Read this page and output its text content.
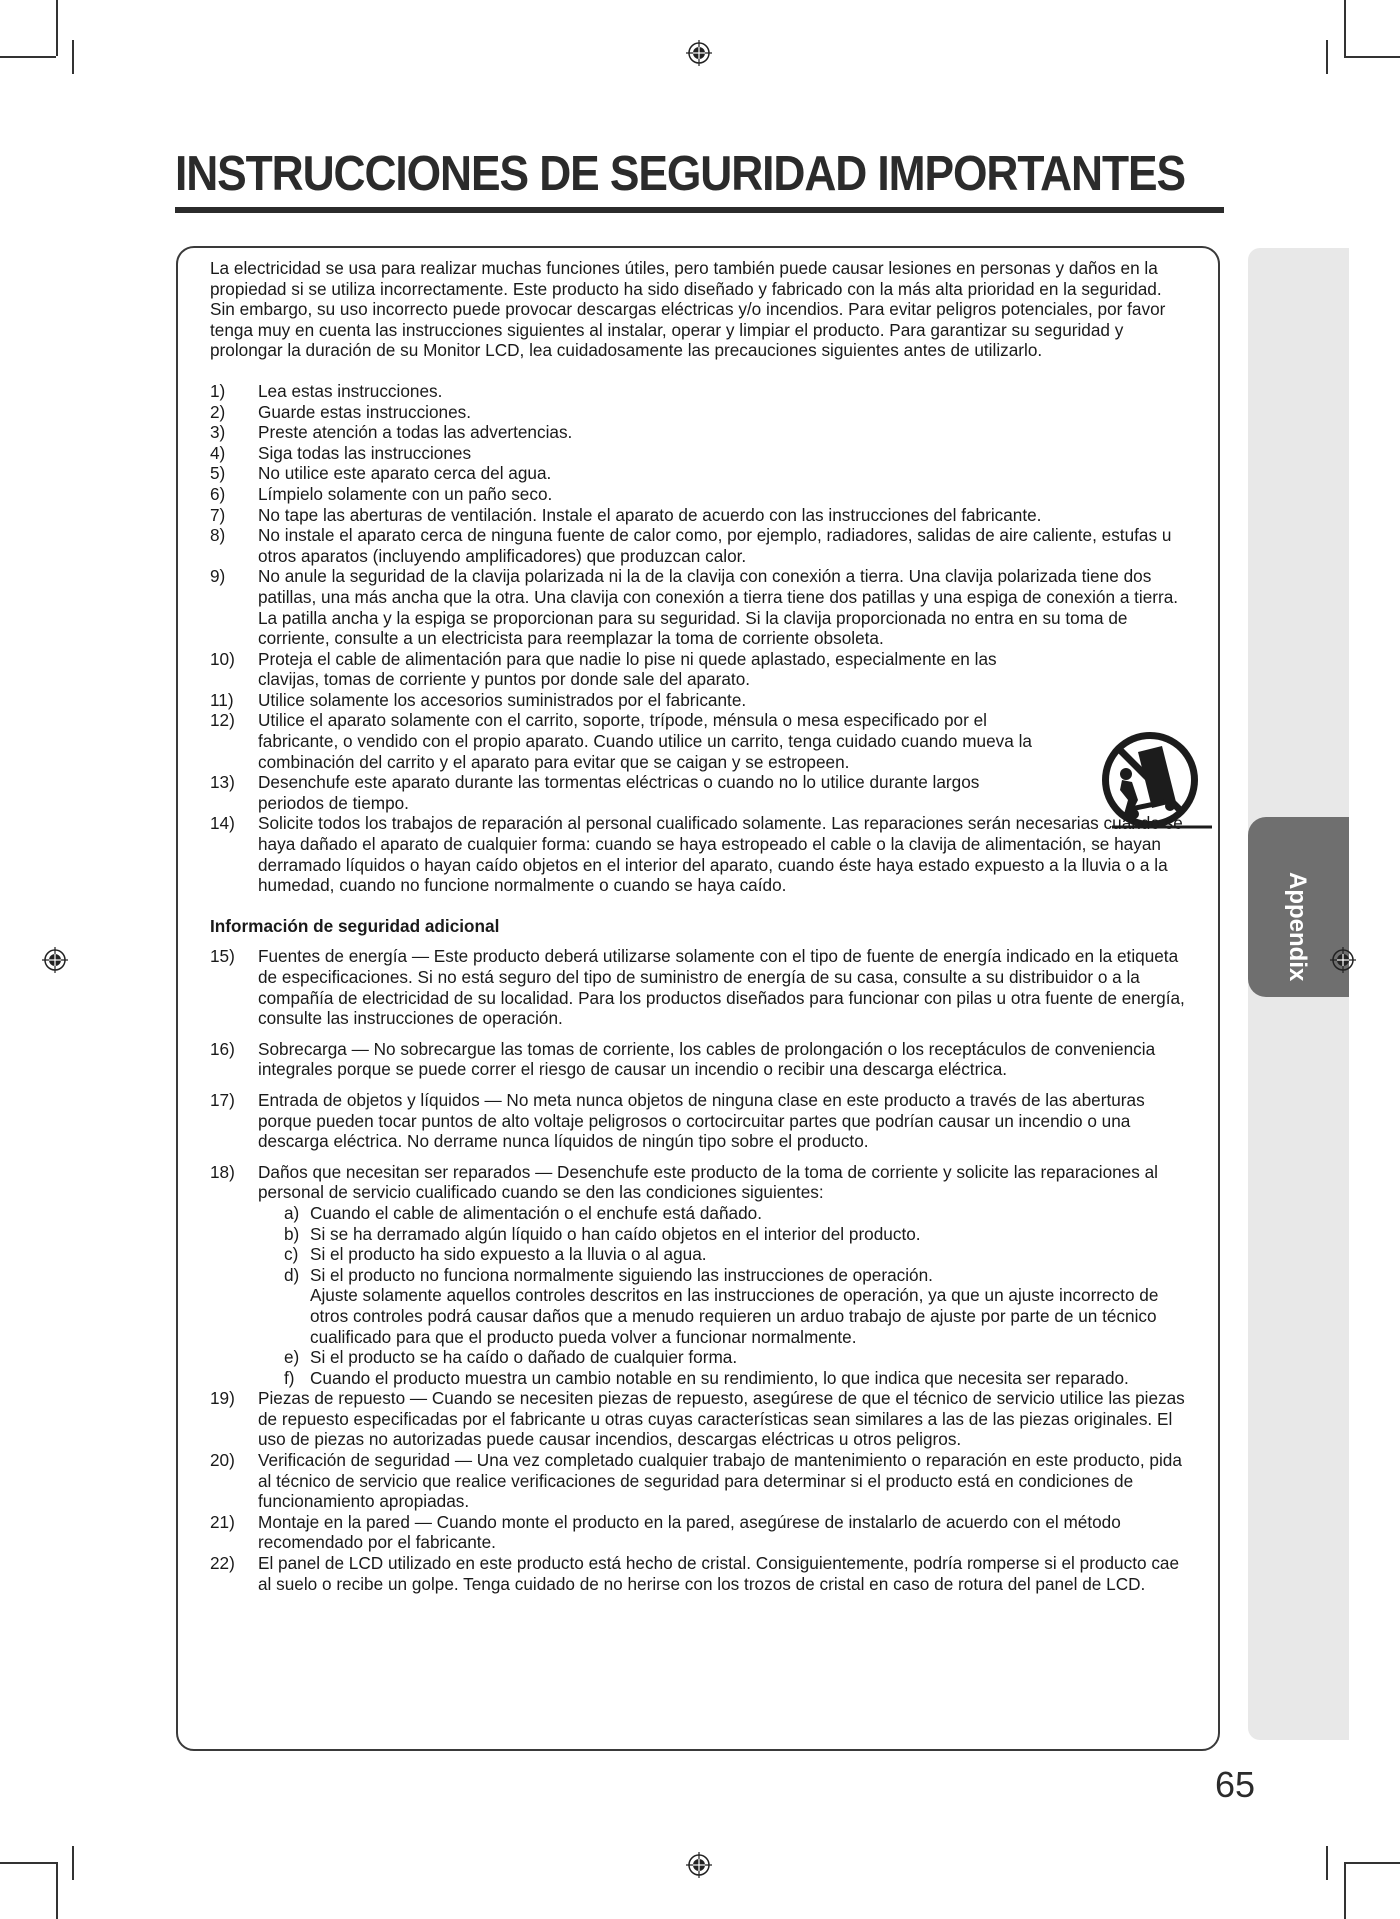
Appendix
INSTRUCCIONES DE SEGURIDAD IMPORTANTES

La electricidad se usa para realizar muchas funciones útiles, pero también puede causar lesiones en personas y daños en la propiedad si se utiliza incorrectamente. Este producto ha sido diseñado y fabricado con la más alta prioridad en la seguridad. Sin embargo, su uso incorrecto puede provocar descargas eléctricas y/o incendios. Para evitar peligros potenciales, por favor tenga muy en cuenta las instrucciones siguientes al instalar, operar y limpiar el producto. Para garantizar su seguridad y prolongar la duración de su Monitor LCD, lea cuidadosamente las precauciones siguientes antes de utilizarlo.

1) Lea estas instrucciones.
2) Guarde estas instrucciones.
3) Preste atención a todas las advertencias.
4) Siga todas las instrucciones
5) No utilice este aparato cerca del agua.
6) Límpielo solamente con un paño seco.
7) No tape las aberturas de ventilación. Instale el aparato de acuerdo con las instrucciones del fabricante.
8) No instale el aparato cerca de ninguna fuente de calor como, por ejemplo, radiadores, salidas de aire caliente, estufas u otros aparatos (incluyendo amplificadores) que produzcan calor.
9) No anule la seguridad de la clavija polarizada ni la de la clavija con conexión a tierra. Una clavija polarizada tiene dos patillas, una más ancha que la otra. Una clavija con conexión a tierra tiene dos patillas y una espiga de conexión a tierra. La patilla ancha y la espiga se proporcionan para su seguridad. Si la clavija proporcionada no entra en su toma de corriente, consulte a un electricista para reemplazar la toma de corriente obsoleta.
10) Proteja el cable de alimentación para que nadie lo pise ni quede aplastado, especialmente en las clavijas, tomas de corriente y puntos por donde sale del aparato.
11) Utilice solamente los accesorios suministrados por el fabricante.
12) Utilice el aparato solamente con el carrito, soporte, trípode, ménsula o mesa especificado por el fabricante, o vendido con el propio aparato. Cuando utilice un carrito, tenga cuidado cuando mueva la combinación del carrito y el aparato para evitar que se caigan y se estropeen.
13) Desenchufe este aparato durante las tormentas eléctricas o cuando no lo utilice durante largos periodos de tiempo.
14) Solicite todos los trabajos de reparación al personal cualificado solamente. Las reparaciones serán necesarias cuando se haya dañado el aparato de cualquier forma: cuando se haya estropeado el cable o la clavija de alimentación, se hayan derramado líquidos o hayan caído objetos en el interior del aparato, cuando éste haya estado expuesto a la lluvia o a la humedad, cuando no funcione normalmente o cuando se haya caído.

Información de seguridad adicional

15) Fuentes de energía — Este producto deberá utilizarse solamente con el tipo de fuente de energía indicado en la etiqueta de especificaciones. Si no está seguro del tipo de suministro de energía de su casa, consulte a su distribuidor o a la compañía de electricidad de su localidad. Para los productos diseñados para funcionar con pilas u otra fuente de energía, consulte las instrucciones de operación.
16) Sobrecarga — No sobrecargue las tomas de corriente, los cables de prolongación o los receptáculos de conveniencia integrales porque se puede correr el riesgo de causar un incendio o recibir una descarga eléctrica.
17) Entrada de objetos y líquidos — No meta nunca objetos de ninguna clase en este producto a través de las aberturas porque pueden tocar puntos de alto voltaje peligrosos o cortocircuitar partes que podrían causar un incendio o una descarga eléctrica. No derrame nunca líquidos de ningún tipo sobre el producto.
18) Daños que necesitan ser reparados — Desenchufe este producto de la toma de corriente y solicite las reparaciones al personal de servicio cualificado cuando se den las condiciones siguientes:
a) Cuando el cable de alimentación o el enchufe está dañado.
b) Si se ha derramado algún líquido o han caído objetos en el interior del producto.
c) Si el producto ha sido expuesto a la lluvia o al agua.
d) Si el producto no funciona normalmente siguiendo las instrucciones de operación.
Ajuste solamente aquellos controles descritos en las instrucciones de operación, ya que un ajuste incorrecto de otros controles podrá causar daños que a menudo requieren un arduo trabajo de ajuste por parte de un técnico cualificado para que el producto pueda volver a funcionar normalmente.
e) Si el producto se ha caído o dañado de cualquier forma.
f) Cuando el producto muestra un cambio notable en su rendimiento, lo que indica que necesita ser reparado.
19) Piezas de repuesto — Cuando se necesiten piezas de repuesto, asegúrese de que el técnico de servicio utilice las piezas de repuesto especificadas por el fabricante u otras cuyas características sean similares a las de las piezas originales. El uso de piezas no autorizadas puede causar incendios, descargas eléctricas u otros peligros.
20) Verificación de seguridad — Una vez completado cualquier trabajo de mantenimiento o reparación en este producto, pida al técnico de servicio que realice verificaciones de seguridad para determinar si el producto está en condiciones de funcionamiento apropiadas.
21) Montaje en la pared — Cuando monte el producto en la pared, asegúrese de instalarlo de acuerdo con el método recomendado por el fabricante.
22) El panel de LCD utilizado en este producto está hecho de cristal. Consiguientemente, podría romperse si el producto cae al suelo o recibe un golpe. Tenga cuidado de no herirse con los trozos de cristal en caso de rotura del panel de LCD.
65
